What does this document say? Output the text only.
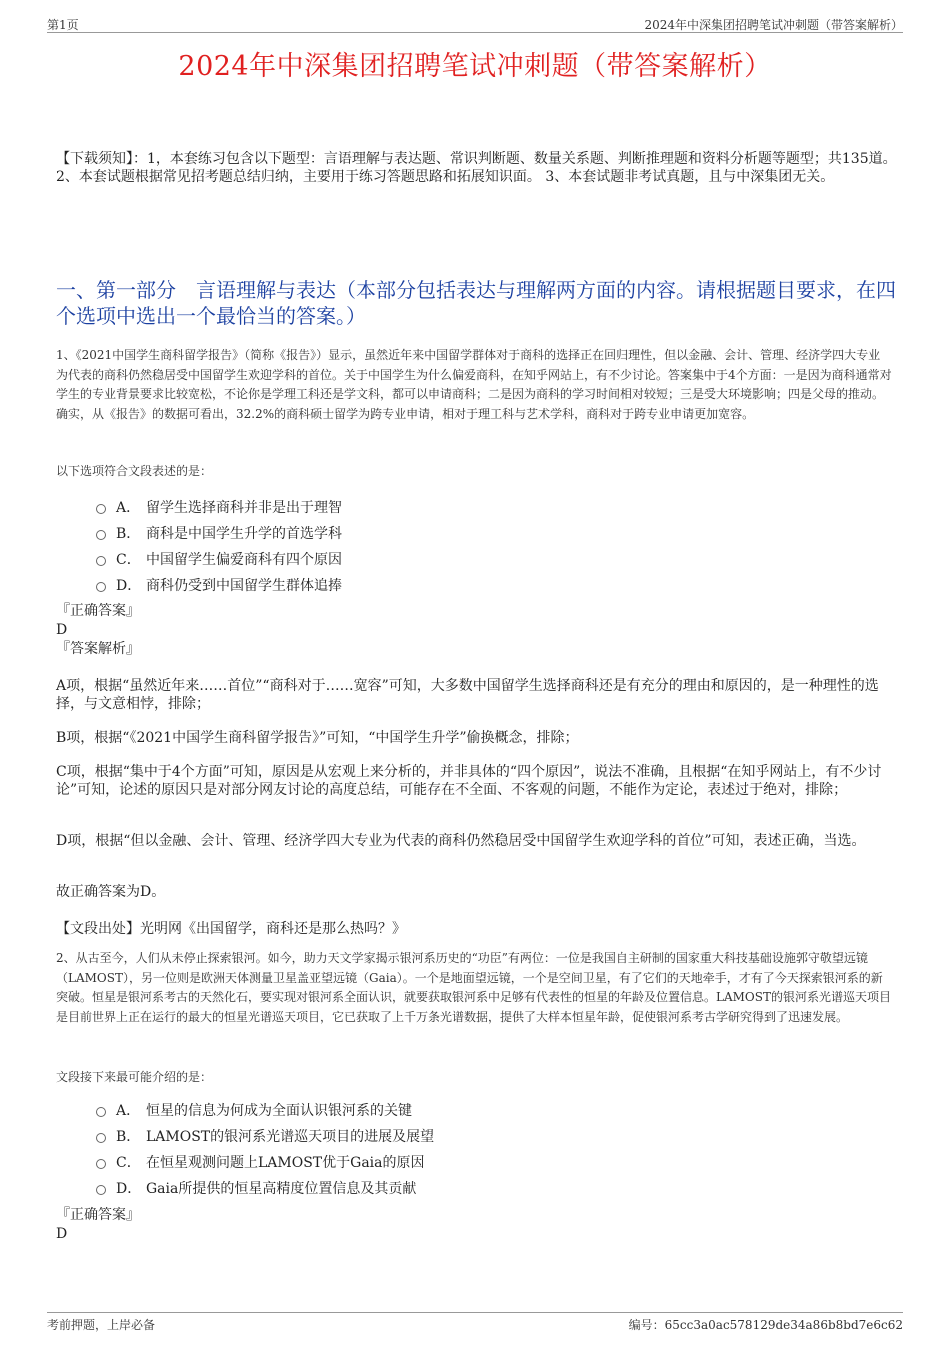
第1页	2024年中深集团招聘笔试冲刺题（带答案解析）
2024年中深集团招聘笔试冲刺题（带答案解析）
【下载须知】：1，本套练习包含以下题型：言语理解与表达题、常识判断题、数量关系题、判断推理题和资料分析题等题型；共135道。 2、本套试题根据常见招考题总结归纳，主要用于练习答题思路和拓展知识面。 3、本套试题非考试真题，且与中深集团无关。
一、第一部分　言语理解与表达（本部分包括表达与理解两方面的内容。请根据题目要求，在四个选项中选出一个最恰当的答案。）
1、《2021中国学生商科留学报告》（简称《报告》）显示，虽然近年来中国留学群体对于商科的选择正在回归理性，但以金融、会计、管理、经济学四大专业为代表的商科仍然稳居受中国留学生欢迎学科的首位。关于中国学生为什么偏爱商科，在知乎网站上，有不少讨论。答案集中于4个方面：一是因为商科通常对学生的专业背景要求比较宽松，不论你是学理工科还是学文科，都可以申请商科；二是因为商科的学习时间相对较短；三是受大环境影响；四是父母的推动。确实，从《报告》的数据可看出，32.2%的商科硕士留学为跨专业申请，相对于理工科与艺术学科，商科对于跨专业申请更加宽容。
以下选项符合文段表述的是：
A． 留学生选择商科并非是出于理智
B． 商科是中国学生升学的首选学科
C． 中国留学生偏爱商科有四个原因
D． 商科仍受到中国留学生群体追捧
『正确答案』
D
『答案解析』
A项，根据“虽然近年来……首位”“商科对于……宽容”可知，大多数中国留学生选择商科还是有充分的理由和原因的，是一种理性的选择，与文意相悖，排除；
B项，根据“《2021中国学生商科留学报告》”可知，“中国学生升学”偷换概念，排除；
C项，根据“集中于4个方面”可知，原因是从宏观上来分析的，并非具体的“四个原因”，说法不准确，且根据“在知乎网站上，有不少讨论”可知，论述的原因只是对部分网友讨论的高度总结，可能存在不全面、不客观的问题，不能作为定论，表述过于绝对，排除；
D项，根据“但以金融、会计、管理、经济学四大专业为代表的商科仍然稳居受中国留学生欢迎学科的首位”可知，表述正确，当选。
故正确答案为D。
【文段出处】光明网《出国留学，商科还是那么热吗？》
2、从古至今，人们从未停止探索银河。如今，助力天文学家揭示银河系历史的“功臣”有两位：一位是我国自主研制的国家重大科技基础设施郭守敬望远镜（LAMOST），另一位则是欧洲天体测量卫星盖亚望远镜（Gaia）。一个是地面望远镜，一个是空间卫星，有了它们的天地牵手，才有了今天探索银河系的新突破。恒星是银河系考古的天然化石，要实现对银河系全面认识，就要获取银河系中足够有代表性的恒星的年龄及位置信息。LAMOST的银河系光谱巡天项目是目前世界上正在运行的最大的恒星光谱巡天项目，它已获取了上千万条光谱数据，提供了大样本恒星年龄，促使银河系考古学研究得到了迅速发展。
文段接下来最可能介绍的是：
A． 恒星的信息为何成为全面认识银河系的关键
B． LAMOST的银河系光谱巡天项目的进展及展望
C． 在恒星观测问题上LAMOST优于Gaia的原因
D． Gaia所提供的恒星高精度位置信息及其贡献
『正确答案』
D
考前押题，上岸必备	编号：65cc3a0ac578129de34a86b8bd7e6c62
